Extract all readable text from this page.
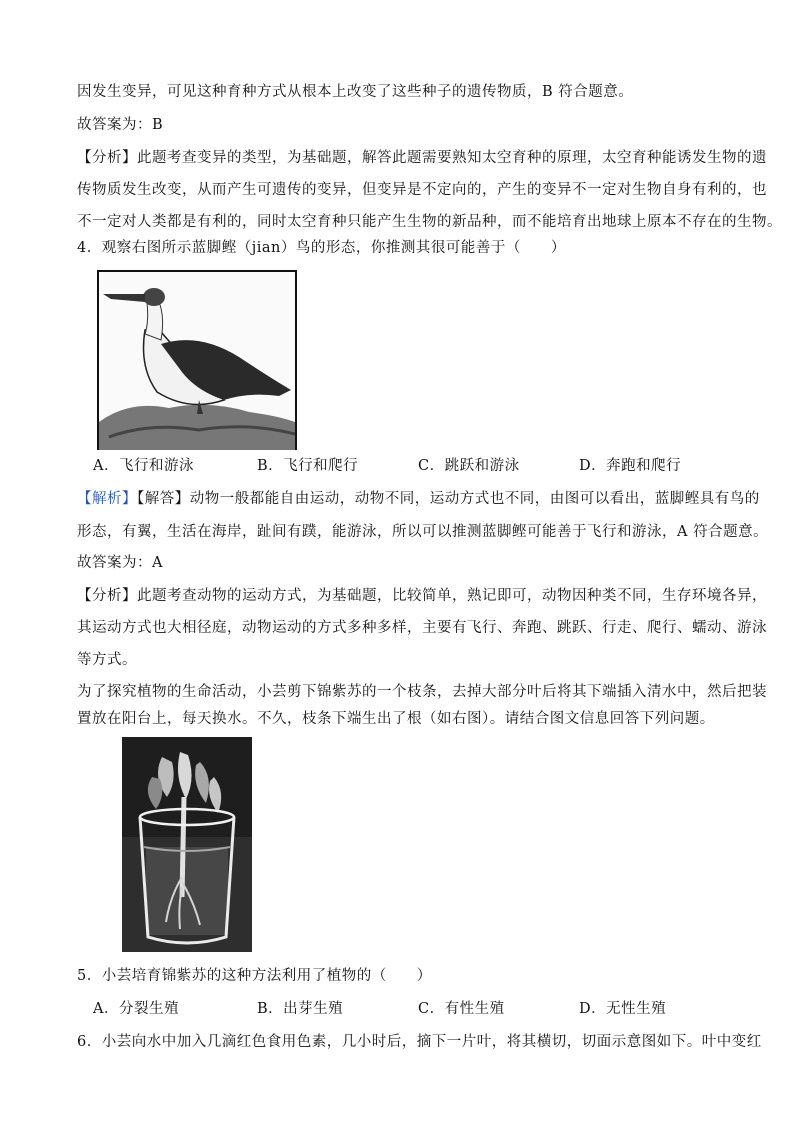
因发生变异，可见这种育种方式从根本上改变了这些种子的遗传物质，B 符合题意。
故答案为：B
【分析】此题考查变异的类型，为基础题，解答此题需要熟知太空育种的原理，太空育种能诱发生物的遗
传物质发生改变，从而产生可遗传的变异，但变异是不定向的，产生的变异不一定对生物自身有利的，也
不一定对人类都是有利的，同时太空育种只能产生生物的新品种，而不能培育出地球上原本不存在的生物。
4．观察右图所示蓝脚鲣（jian）鸟的形态，你推测其很可能善于（　　）
A．飞行和游泳	B．飞行和爬行	C．跳跃和游泳	D．奔跑和爬行
【解析】【解答】动物一般都能自由运动，动物不同，运动方式也不同，由图可以看出，蓝脚鲣具有鸟的
形态，有翼，生活在海岸，趾间有蹼，能游泳，所以可以推测蓝脚鲣可能善于飞行和游泳，A 符合题意。
故答案为：A
【分析】此题考查动物的运动方式，为基础题，比较简单，熟记即可，动物因种类不同，生存环境各异，
其运动方式也大相径庭，动物运动的方式多种多样，主要有飞行、奔跑、跳跃、行走、爬行、蠕动、游泳
等方式。
为了探究植物的生命活动，小芸剪下锦紫苏的一个枝条，去掉大部分叶后将其下端插入清水中，然后把装
置放在阳台上，每天换水。不久，枝条下端生出了根（如右图）。请结合图文信息回答下列问题。
5．小芸培育锦紫苏的这种方法利用了植物的（　　）
A．分裂生殖	B．出芽生殖	C．有性生殖	D．无性生殖
6．小芸向水中加入几滴红色食用色素，几小时后，摘下一片叶，将其横切，切面示意图如下。叶中变红
